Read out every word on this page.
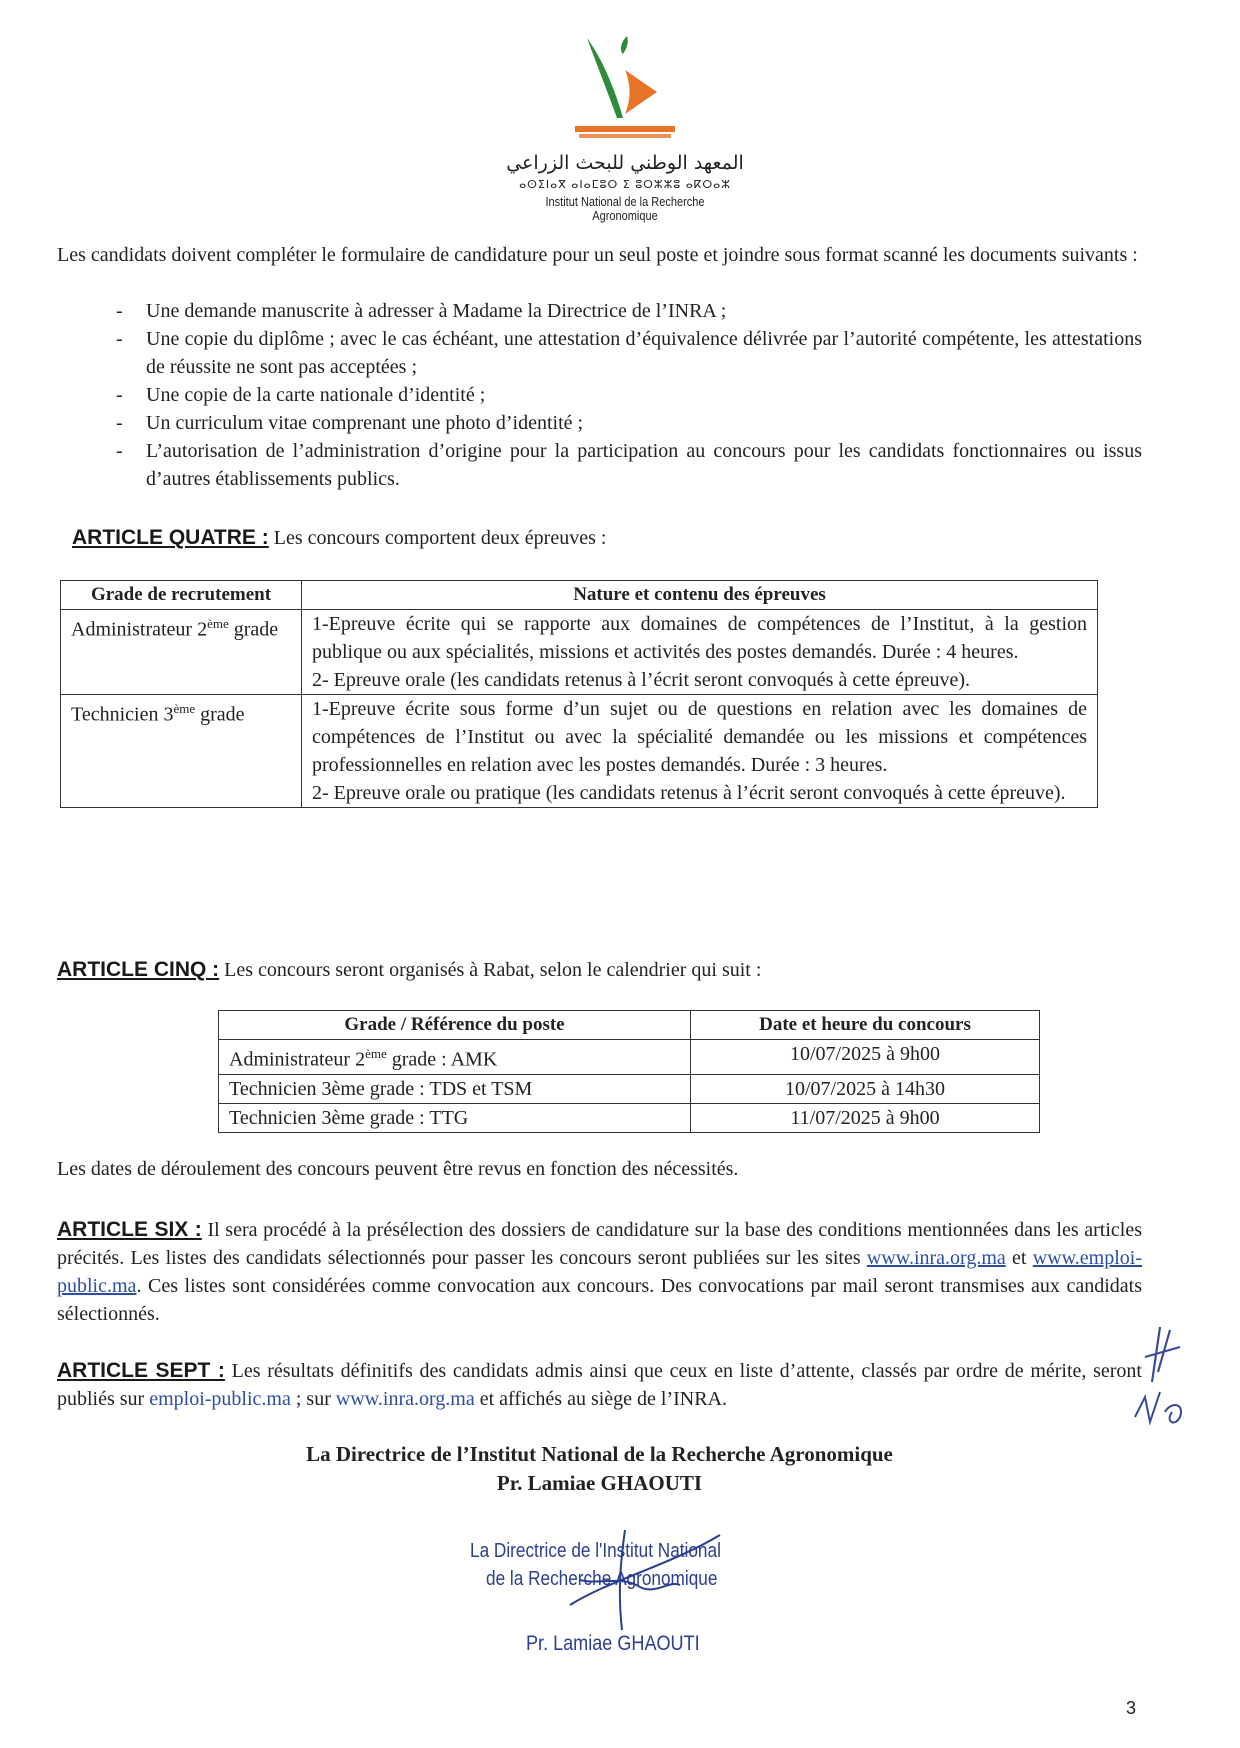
المعهد الوطني للبحث الزراعي
ⴰⵙⵉⵏⴰⴳ ⴰⵏⴰⵎⵓⵔ ⵉ ⵓⵔⵣⵣⵓ ⴰⴽⵔⴰⵣ
Institut National de la Recherche Agronomique

Les candidats doivent compléter le formulaire de candidature pour un seul poste et joindre sous format scanné les documents suivants :

- Une demande manuscrite à adresser à Madame la Directrice de l’INRA ;
- Une copie du diplôme ; avec le cas échéant, une attestation d’équivalence délivrée par l’autorité compétente, les attestations de réussite ne sont pas acceptées ;
- Une copie de la carte nationale d’identité ;
- Un curriculum vitae comprenant une photo d’identité ;
- L’autorisation de l’administration d’origine pour la participation au concours pour les candidats fonctionnaires ou issus d’autres établissements publics.

ARTICLE QUATRE : Les concours comportent deux épreuves :

Grade de recrutement	Nature et contenu des épreuves
Administrateur 2ème grade	1-Epreuve écrite qui se rapporte aux domaines de compétences de l’Institut, à la gestion publique ou aux spécialités, missions et activités des postes demandés. Durée : 4 heures.
2- Epreuve orale (les candidats retenus à l’écrit seront convoqués à cette épreuve).

Technicien 3ème grade	1-Epreuve écrite sous forme d’un sujet ou de questions en relation avec les domaines de compétences de l’Institut ou avec la spécialité demandée ou les missions et compétences professionnelles en relation avec les postes demandés. Durée : 3 heures.
2- Epreuve orale ou pratique (les candidats retenus à l’écrit seront convoqués à cette épreuve).

ARTICLE CINQ : Les concours seront organisés à Rabat, selon le calendrier qui suit :

Grade / Référence du poste	Date et heure du concours
Administrateur 2ème grade : AMK	10/07/2025 à 9h00
Technicien 3ème grade : TDS et TSM	10/07/2025 à 14h30
Technicien 3ème grade : TTG	11/07/2025 à 9h00

Les dates de déroulement des concours peuvent être revus en fonction des nécessités.

ARTICLE SIX : Il sera procédé à la présélection des dossiers de candidature sur la base des conditions mentionnées dans les articles précités. Les listes des candidats sélectionnés pour passer les concours seront publiées sur les sites www.inra.org.ma et www.emploi-public.ma. Ces listes sont considérées comme convocation aux concours. Des convocations par mail seront transmises aux candidats sélectionnés.

ARTICLE SEPT : Les résultats définitifs des candidats admis ainsi que ceux en liste d’attente, classés par ordre de mérite, seront publiés sur emploi-public.ma ; sur www.inra.org.ma et affichés au siège de l’INRA.

La Directrice de l’Institut National de la Recherche Agronomique
Pr. Lamiae GHAOUTI
La Directrice de l'Institut National
de la Recherche Agronomique
Pr. Lamiae GHAOUTI
3
